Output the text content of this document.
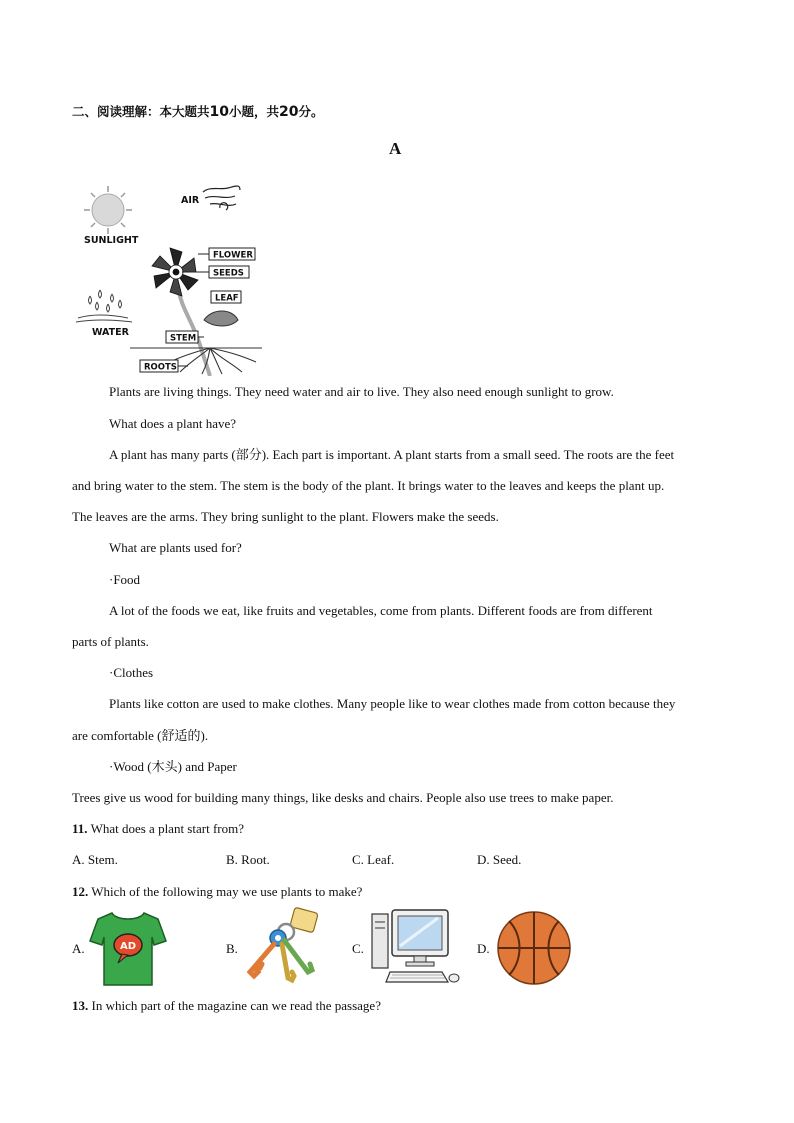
二、阅读理解：本大题共10小题，共20分。
A
SUNLIGHT
AIR
WATER
FLOWER
SEEDS
LEAF
STEM
ROOTS
Plants are living things. They need water and air to live. They also need enough sunlight to grow.
What does a plant have?
A plant has many parts (部分). Each part is important. A plant starts from a small seed. The roots are the feet
and bring water to the stem. The stem is the body of the plant. It brings water to the leaves and keeps the plant up.
The leaves are the arms. They bring sunlight to the plant. Flowers make the seeds.
What are plants used for?
·Food
A lot of the foods we eat, like fruits and vegetables, come from plants. Different foods are from different
parts of plants.
·Clothes
Plants like cotton are used to make clothes. Many people like to wear clothes made from cotton because they
are comfortable (舒适的).
·Wood (木头) and Paper
Trees give us wood for building many things, like desks and chairs. People also use trees to make paper.
11. What does a plant start from?
A. Stem.	B. Root.	C. Leaf.	D. Seed.
12. Which of the following may we use plants to make?
A.	AD	B.	C.	D.
13. In which part of the magazine can we read the passage?
